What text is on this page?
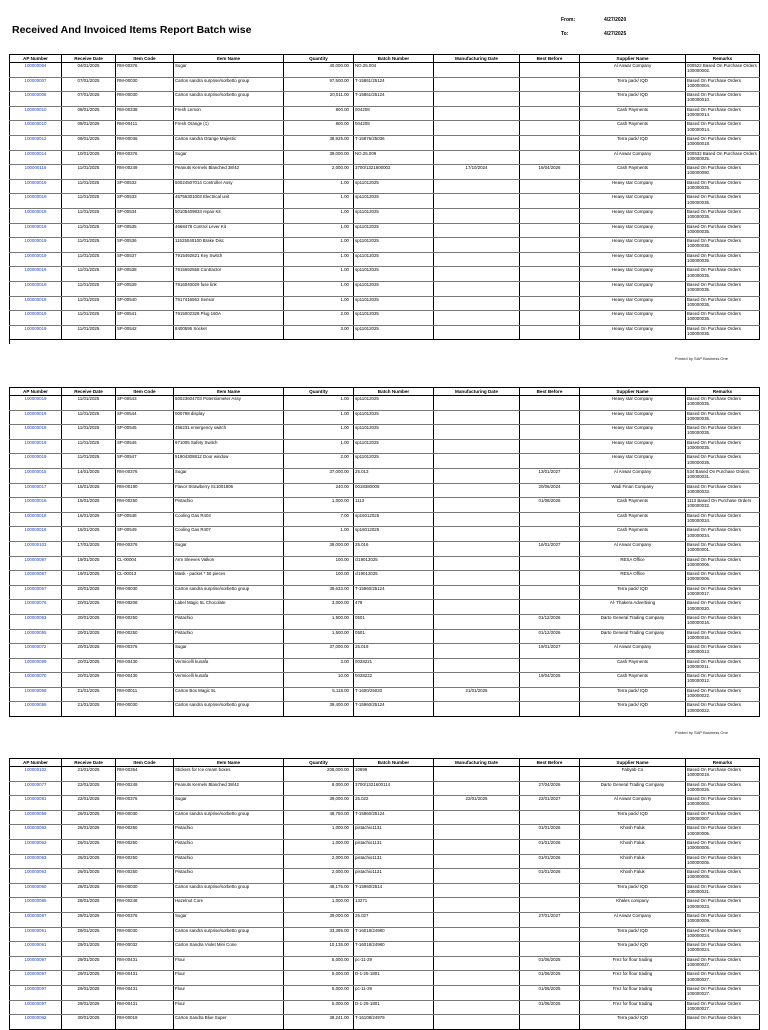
Received And Invoiced Items Report Batch wise
From:	4/27/2020
To:	4/27/2025
AP Number	Receive Date	Item Code	Item Name	Quantity	Batch Number	Manufacturing Date	Best Before	Supplier Name	Remarks
100000004	04/01/2025	RM-00376	Sugar	40,000.00	NO.25.004			Al Anwar Company	000522 Based On Purchase Orders 100000002.
100000007	07/01/2025	RM-00030	Carton sandra surprise/sorbetto group	97,500.00	T-15861/25124			Terra pack/ IQD	Based On Purchase Orders 100000004.
100000008	07/01/2025	RM-00030	Carton sandra surprise/sorbetto group	20,011.00	T-15861/25124			Terra pack/ IQD	Based On Purchase Orders 100000010.
100000010	08/01/2025	RM-00338	Fresh Lemon	800.00	004208			Cash Payments	Based On Purchase Orders 100000014.
100000010	08/01/2025	RM-00411	Fresh Orange (1)	800.00	004208			Cash Payments	Based On Purchase Orders 100000014.
100000012	09/01/2025	RM-00036	Carton sandra Orange Majestic	38,925.00	T-15876/25036			Terra pack/ IQD	Based On Purchase Orders 100000018.
100000014	10/01/2025	RM-00376	Sugar	39,000.00	NO.25.009			Al Anwar Company	000532 Based On Purchase Orders 100000025.
100000116	11/01/2025	RM-00249	Peanuts Kernels Blanched 38/42	2,000.00	3700/1321600002	17/10/2024	16/04/2026	Cash Payments	Based On Purchase Orders 100000090.
100000019	11/01/2025	SP-00532	50024507014 Controller Assy	1.00	sp11012025			Heavy star Company	Based On Purchase Orders 100000035.
100000019	11/01/2025	SP-00533	45756301003 Electrical unit	1.00	sp11012025			Heavy star Company	Based On Purchase Orders 100000035.
100000019	11/01/2025	SP-00534	50105409833 repair Kit	1.00	sp11012025			Heavy star Company	Based On Purchase Orders 100000035.
100000019	11/01/2025	SP-00535	4668478 Control Lever Kit	1.00	sp11012025			Heavy star Company	Based On Purchase Orders 100000035.
100000019	11/01/2025	SP-00536	11525040100 Brake Disc	1.00	sp11012025			Heavy star Company	Based On Purchase Orders 100000035.
100000019	11/01/2025	SP-00537	7915492621 Key Switch	1.00	sp11012025			Heavy star Company	Based On Purchase Orders 100000035.
100000019	11/01/2025	SP-00538	7915692558 Contractor	1.00	sp11012025			Heavy star Company	Based On Purchase Orders 100000035.
100000019	11/01/2025	SP-00539	7916040029 fuse link	1.00	sp11012025			Heavy star Company	Based On Purchase Orders 100000035.
100000019	11/01/2025	SP-00540	7917416562 Sensor	1.00	sp11012025			Heavy star Company	Based On Purchase Orders 100000035.
100000019	11/01/2025	SP-00541	7915002328 Plug 160A	2.00	sp11012025			Heavy star Company	Based On Purchase Orders 100000035.
100000019	11/01/2025	SP-00542	8400595 Socket	3.00	sp11012025			Heavy star Company	Based On Purchase Orders 100000035.
Printed by SAP Business One
AP Number	Receive Date	Item Code	Item Name	Quantity	Batch Number	Manufacturing Date	Best Before	Supplier Name	Remarks
100000019	11/01/2025	SP-00543	50023604703 Potentiometer Assy	1.00	sp11012025			Heavy star Company	Based On Purchase Orders 100000035.
100000019	11/01/2025	SP-00544	000798 display	1.00	sp11012025			Heavy star Company	Based On Purchase Orders 100000035.
100000019	11/01/2025	SP-00545	456231 emergency switch	1.00	sp11012025			Heavy star Company	Based On Purchase Orders 100000035.
100000019	11/01/2025	SP-00546	971005 Safety Switch	1.00	sp11012025			Heavy star Company	Based On Purchase Orders 100000035.
100000019	11/01/2025	SP-00547	51904308812 Door window	2.00	sp11012025			Heavy star Company	Based On Purchase Orders 100000035.
100000015	14/01/2025	RM-00376	Sugar	37,000.00	25.013		13/01/2027	Al Anwar Company	534 Based On Purchase Orders 100000031.
100000017	15/01/2025	RM-00190	Flavor Strawberry Sc1001806	240.00	0018380005		20/06/2024	Wadi Finan Company	Based On Purchase Orders 100000033.
100000016	15/01/2025	RM-00250	Pistachio	1,000.00	1113		01/08/2026	Cash Payments	1113 Based On Purchase Orders 100000032.
100000018	16/01/2025	SP-00548	Cooling Gas R404	7.00	sp16012025			Cash Payments	Based On Purchase Orders 100000034.
100000018	16/01/2025	SP-00549	Cooling Gas R407	1.00	sp16012025			Cash Payments	Based On Purchase Orders 100000034.
100000103	17/01/2025	RM-00376	Sugar	39,000.00	25.016		16/01/2027	Al Anwar Company	Based On Purchase Orders 100000001.
100000087	19/01/2025	CL-00004	Arm Sleeves Valkon	100.00	cl19012025			RESA Office	Based On Purchase Orders 100000006.
100000087	19/01/2025	CL-00013	Mask - packet * 50 pieces	100.00	cl19012025			RESA Office	Based On Purchase Orders 100000006.
100000057	20/01/2025	RM-00030	Carton sandra surprise/sorbetto group	39,633.00	T-15960/25124			Terra pack/ IQD	Based On Purchase Orders 100000017.
100000076	20/01/2025	RM-00208	Label Magic 5L Chocolate	3,000.00	479			Al- Thakera Advertising	Based On Purchase Orders 100000020.
100000053	20/01/2025	RM-00250	Pistachio	1,500.00	0501		01/12/2026	Darto General Trading Company	Based On Purchase Orders 100000016.
100000055	20/01/2025	RM-00250	Pistachio	1,500.00	0501		01/12/2026	Darto General Trading Company	Based On Purchase Orders 100000016.
100000072	20/01/2025	RM-00376	Sugar	37,000.00	25.019		19/01/2027	Al Anwar Company	Based On Purchase Orders 100000013.
100000099	20/01/2025	RM-00430	Vermicelli kunafa	3.00	0028221			Cash Payments	Based On Purchase Orders 100000011.
100000070	20/01/2025	RM-00430	Vermicelli kunafa	10.00	0028222		19/04/2025	Cash Payments	Based On Purchase Orders 100000012.
100000058	21/01/2025	RM-00011	Carton Box Magic 5L	5,118.00	T-1600/25020	21/01/2025		Terra pack/ IQD	Based On Purchase Orders 100000022.
100000058	21/01/2025	RM-00030	Carton sandra surprise/sorbetto group	39,400.00	T-15960/25124			Terra pack/ IQD	Based On Purchase Orders 100000022.
Printed by SAP Business One
AP Number	Receive Date	Item Code	Item Name	Quantity	Batch Number	Manufacturing Date	Best Before	Supplier Name	Remarks
100000102	21/01/2025	RM-00364	Stickers for Ice cream boxes	208,000.00	10899			Fabyab Co	Based On Purchase Orders 100000019.
100000077	22/01/2025	RM-00249	Peanuts Kernels Blanched 38/42	8,000.00	3700/1321600114		27/04/2026	Darto General Trading Company	Based On Purchase Orders 100000026.
100000081	22/01/2025	RM-00376	Sugar	39,000.00	25.022	22/01/2025	22/01/2027	Al Anwar Company	Based On Purchase Orders 100000003.
100000059	26/01/2025	RM-00030	Carton sandra surprise/sorbetto group	48,750.00	T-15960/25124			Terra pack/ IQD	Based On Purchase Orders 100000007.
100000063	26/01/2025	RM-00250	Pistachio	1,000.00	pistachio1131		01/01/2026	Khosh Faluk	Based On Purchase Orders 100000005.
100000063	26/01/2025	RM-00250	Pistachio	1,000.00	pistachio1131		01/01/2026	Khosh Faluk	Based On Purchase Orders 100000005.
100000063	26/01/2025	RM-00250	Pistachio	2,000.00	pistachio1131		01/01/2026	Khosh Faluk	Based On Purchase Orders 100000005.
100000063	26/01/2025	RM-00250	Pistachio	2,000.00	pistachio1131		01/01/2026	Khosh Faluk	Based On Purchase Orders 100000005.
100000060	28/01/2025	RM-00030	Carton sandra surprise/sorbetto group	48,175.00	T-15960/2514			Terra pack/ IQD	Based On Purchase Orders 100000021.
100000085	28/01/2025	RM-00248	Hazelnut Core	1,000.00	13271			Khales company	Based On Purchase Orders 100000023.
100000087	28/01/2025	RM-00376	Sugar	39,000.00	25.027		27/01/2027	Al Anwar Company	Based On Purchase Orders 100000009.
100000061	29/01/2025	RM-00030	Carton sandra surprise/sorbetto group	33,395.00	T-16018/24980			Terra pack/ IQD	Based On Purchase Orders 100000024.
100000061	29/01/2025	RM-00032	Carton Sandra Violet Mini Cone	10,135.00	T-16018/24980			Terra pack/ IQD	Based On Purchase Orders 100000024.
100000097	29/01/2025	RM-00431	Flour	5,000.00	pc-11-29		01/06/2025	Frez for flour trading	Based On Purchase Orders 100000027.
100000097	29/01/2025	RM-00431	Flour	5,000.00	D-1-25-1801		01/06/2025	Frez for flour trading	Based On Purchase Orders 100000027.
100000097	29/01/2025	RM-00431	Flour	5,000.00	pc-11-29		01/06/2025	Frez for flour trading	Based On Purchase Orders 100000027.
100000097	29/01/2025	RM-00431	Flour	5,000.00	D-1-25-1801		01/06/2025	Frez for flour trading	Based On Purchase Orders 100000027.
100000062	30/01/2025	RM-00019	Carton Sandra Blue Super	38,241.00	T-16108/24979			Terra pack/ IQD	Based On Purchase Orders
